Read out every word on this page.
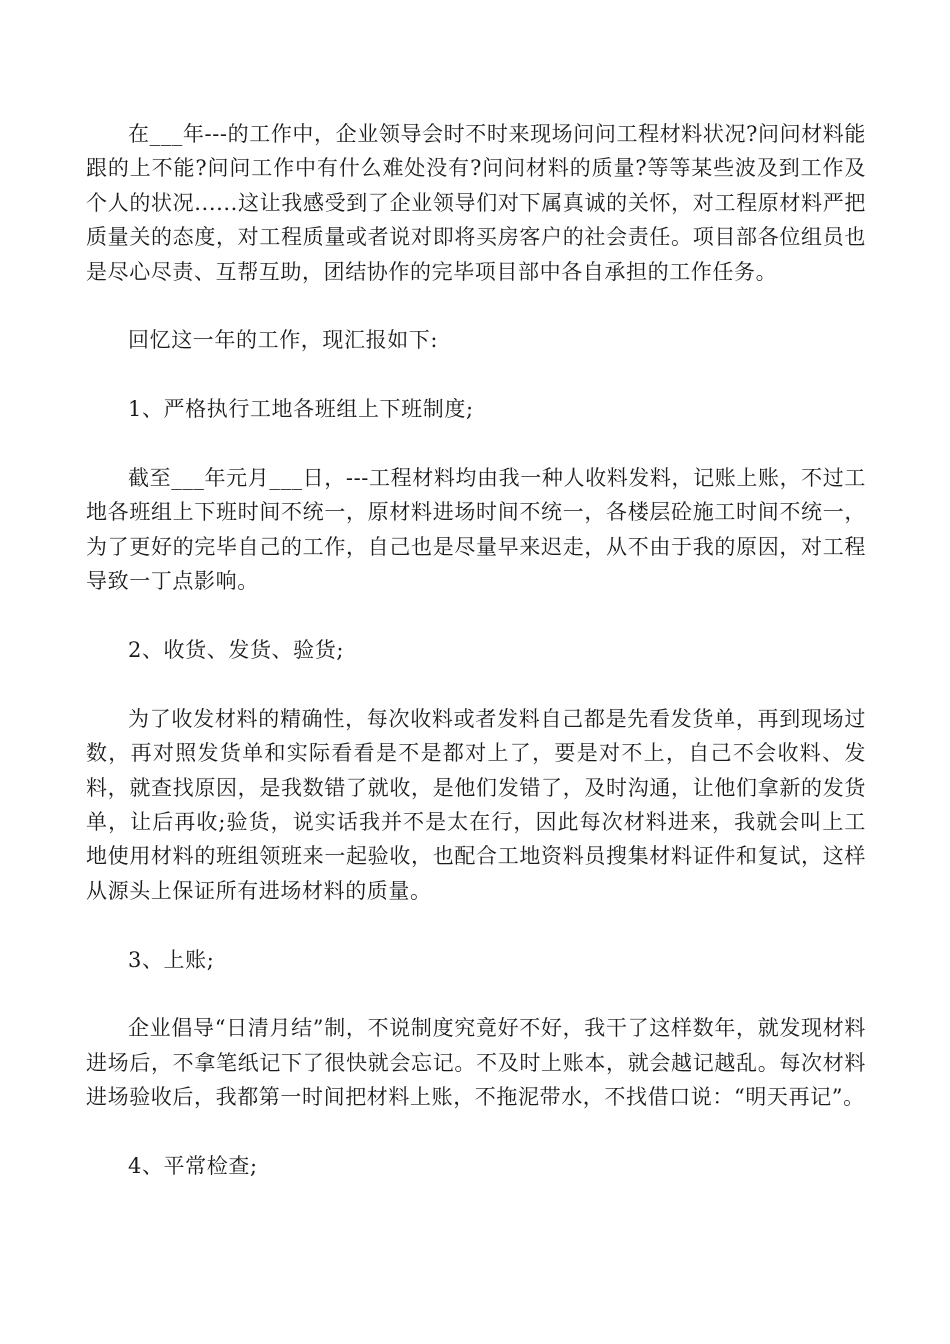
在___年---的工作中，企业领导会时不时来现场问问工程材料状况?问问材料能跟的上不能?问问工作中有什么难处没有?问问材料的质量?等等某些波及到工作及个人的状况......这让我感受到了企业领导们对下属真诚的关怀，对工程原材料严把质量关的态度，对工程质量或者说对即将买房客户的社会责任。项目部各位组员也是尽心尽责、互帮互助，团结协作的完毕项目部中各自承担的工作任务。

回忆这一年的工作，现汇报如下:

1、严格执行工地各班组上下班制度;

截至___年元月___日，---工程材料均由我一种人收料发料，记账上账，不过工地各班组上下班时间不统一，原材料进场时间不统一，各楼层砼施工时间不统一，为了更好的完毕自己的工作，自己也是尽量早来迟走，从不由于我的原因，对工程导致一丁点影响。

2、收货、发货、验货;

为了收发材料的精确性，每次收料或者发料自己都是先看发货单，再到现场过数，再对照发货单和实际看看是不是都对上了，要是对不上，自己不会收料、发料，就查找原因，是我数错了就收，是他们发错了，及时沟通，让他们拿新的发货单，让后再收;验货，说实话我并不是太在行，因此每次材料进来，我就会叫上工地使用材料的班组领班来一起验收，也配合工地资料员搜集材料证件和复试，这样从源头上保证所有进场材料的质量。

3、上账;

企业倡导“日清月结”制，不说制度究竟好不好，我干了这样数年，就发现材料进场后，不拿笔纸记下了很快就会忘记。不及时上账本，就会越记越乱。每次材料进场验收后，我都第一时间把材料上账，不拖泥带水，不找借口说：“明天再记”。

4、平常检查;
